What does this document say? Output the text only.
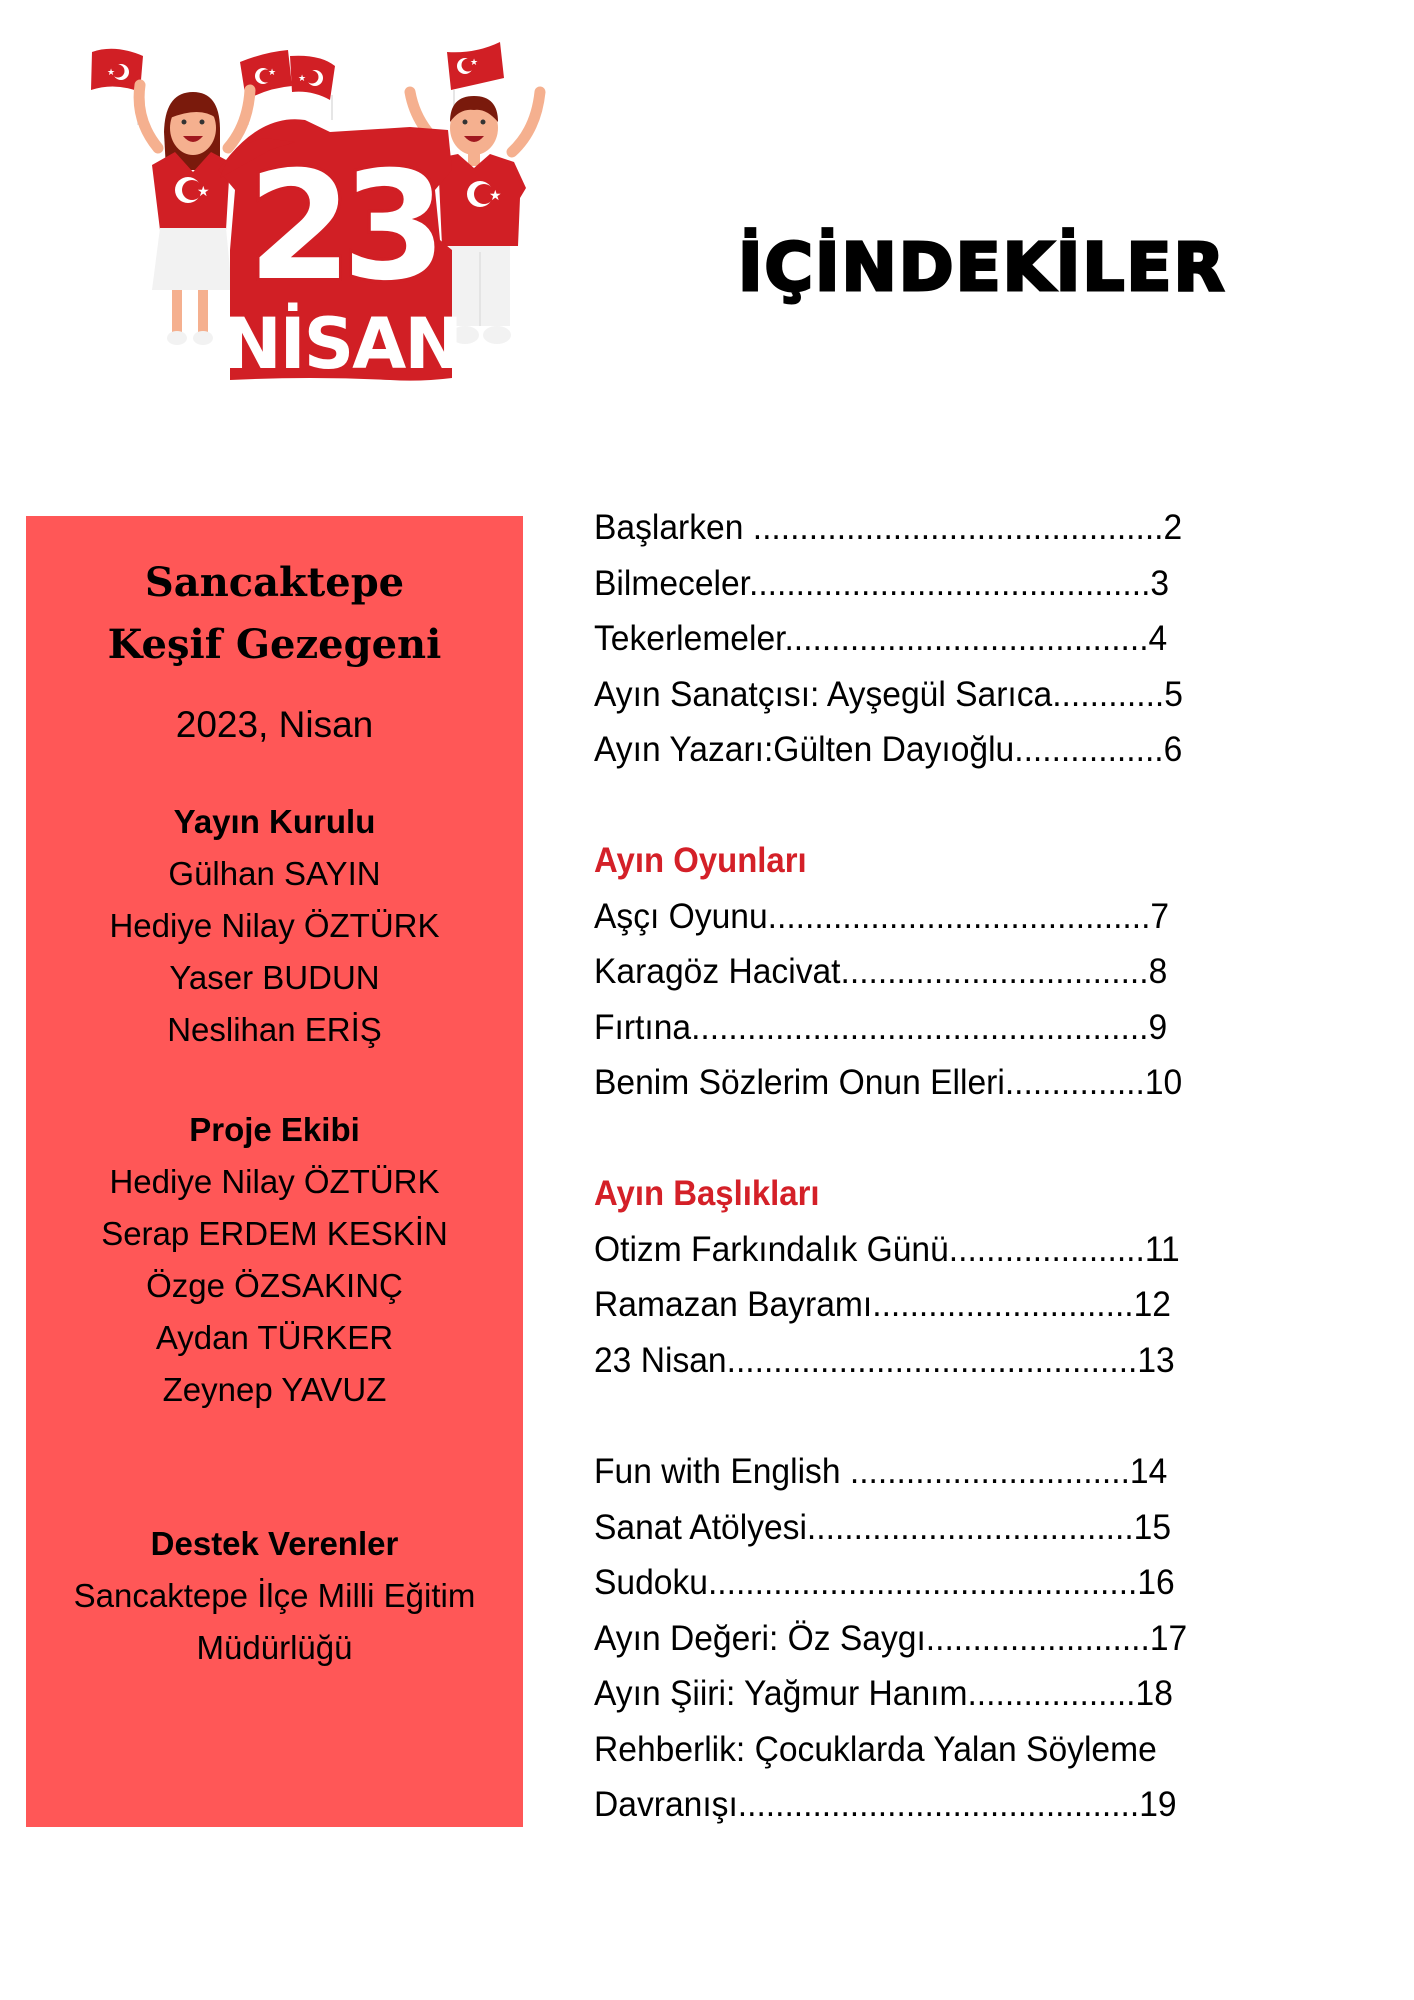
★	★
★
★
★	★
23
NİSAN
İÇİNDEKİLER
Sancaktepe
Keşif Gezegeni
2023, Nisan
Yayın Kurulu
Gülhan SAYIN
Hediye Nilay ÖZTÜRK
Yaser BUDUN
Neslihan ERİŞ
Proje Ekibi
Hediye Nilay ÖZTÜRK
Serap ERDEM KESKİN
Özge ÖZSAKINÇ
Aydan TÜRKER
Zeynep YAVUZ
Destek Verenler
Sancaktepe İlçe Milli Eğitim
Müdürlüğü
Başlarken ............................................2
Bilmeceler...........................................3
Tekerlemeler.......................................4
Ayın Sanatçısı: Ayşegül Sarıca............5
Ayın Yazarı:Gülten Dayıoğlu................6
Ayın Oyunları
Aşçı Oyunu.........................................7
Karagöz Hacivat.................................8
Fırtına.................................................9
Benim Sözlerim Onun Elleri...............10
Ayın Başlıkları
Otizm Farkındalık Günü.....................11
Ramazan Bayramı............................12
23 Nisan............................................13
Fun with English ..............................14
Sanat Atölyesi...................................15
Sudoku..............................................16
Ayın Değeri: Öz Saygı........................17
Ayın Şiiri: Yağmur Hanım..................18
Rehberlik: Çocuklarda Yalan Söyleme
Davranışı...........................................19
